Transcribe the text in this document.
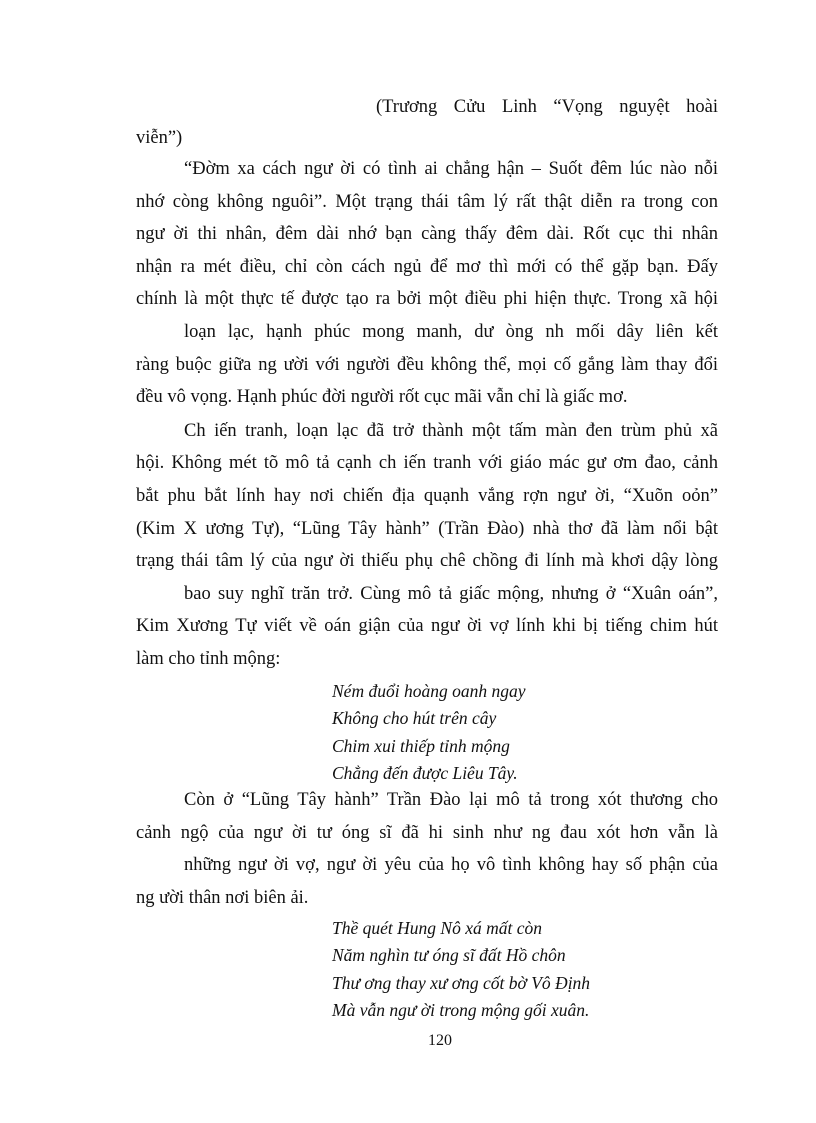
(Trương Cửu Linh “Vọng nguyệt hoài
viễn”)
“Đờm xa cách ngư ời có tình ai chẳng hận – Suốt đêm lúc nào nỗi
nhớ còng không nguôi”. Một trạng thái tâm lý rất thật diễn ra trong con
ngư ời thi nhân, đêm dài nhớ bạn càng thấy đêm dài. Rốt cục thi nhân
nhận ra mét điều, chỉ còn cách ngủ để mơ thì mới có thể gặp bạn. Đấy
chính là một thực tế được tạo ra bởi một điều phi hiện thực. Trong xã hội
loạn lạc, hạnh phúc mong manh, dư òng nh mối dây liên kết
ràng buộc giữa ng ười với người đều không thể, mọi cố gắng làm thay đổi
đều vô vọng. Hạnh phúc đời người rốt cục mãi vẫn chỉ là giấc mơ.
Ch iến tranh, loạn lạc đã trở thành một tấm màn đen trùm phủ xã
hội. Không mét tõ mô tả cạnh ch iến tranh với giáo mác gư ơm đao, cảnh
bắt phu bắt lính hay nơi chiến địa quạnh vắng rợn ngư ời, “Xuõn oỏn”
(Kim X ương Tự), “Lũng Tây hành” (Trần Đào) nhà thơ đã làm nổi bật
trạng thái tâm lý của ngư ời thiếu phụ chê chồng đi lính mà khơi dậy lòng
bao suy nghĩ trăn trở. Cùng mô tả giấc mộng, nhưng ở “Xuân oán”,
Kim Xương Tự viết về oán giận của ngư ời vợ lính khi bị tiếng chim hút
làm cho tỉnh mộng:
Ném đuổi hoàng oanh ngay
Không cho hút trên cây
Chim xui thiếp tỉnh mộng
Chẳng đến được Liêu Tây.
Còn ở “Lũng Tây hành” Trần Đào lại mô tả trong xót thương cho
cảnh ngộ của ngư ời tư óng sĩ đã hi sinh như ng đau xót hơn vẫn là
những ngư ời vợ, ngư ời yêu của họ vô tình không hay số phận của
ng ười thân nơi biên ải.
Thề quét Hung Nô xá mất còn
Năm nghìn tư óng sĩ đất Hồ chôn
Thư ơng thay xư ơng cốt bờ Vô Định
Mà vẫn ngư ời trong mộng gối xuân.
120
